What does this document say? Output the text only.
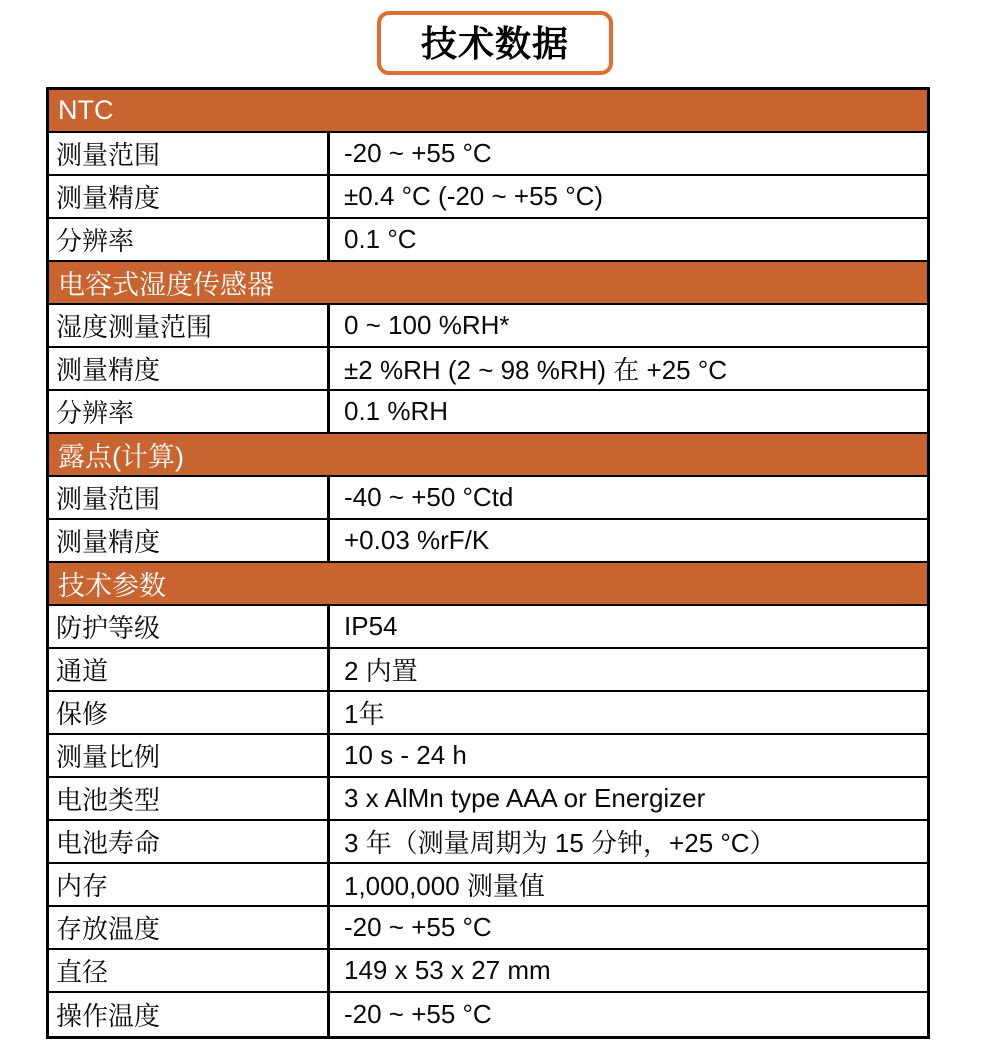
技术数据
NTC
测量范围	-20 ~ +55 °C
测量精度	±0.4 °C (-20 ~ +55 °C)
分辨率	0.1 °C
电容式湿度传感器
湿度测量范围	0 ~ 100 %RH*
测量精度	±2 %RH (2 ~ 98 %RH) 在 +25 °C
分辨率	0.1 %RH
露点(计算)
测量范围	-40 ~ +50 °Ctd
测量精度	+0.03 %rF/K
技术参数
防护等级	IP54
通道	2 内置
保修	1年
测量比例	10 s - 24 h
电池类型	3 x AlMn type AAA or Energizer
电池寿命	3 年（测量周期为 15 分钟，+25 °C）
内存	1,000,000 测量值
存放温度	-20 ~ +55 °C
直径	149 x 53 x 27 mm
操作温度	-20 ~ +55 °C
